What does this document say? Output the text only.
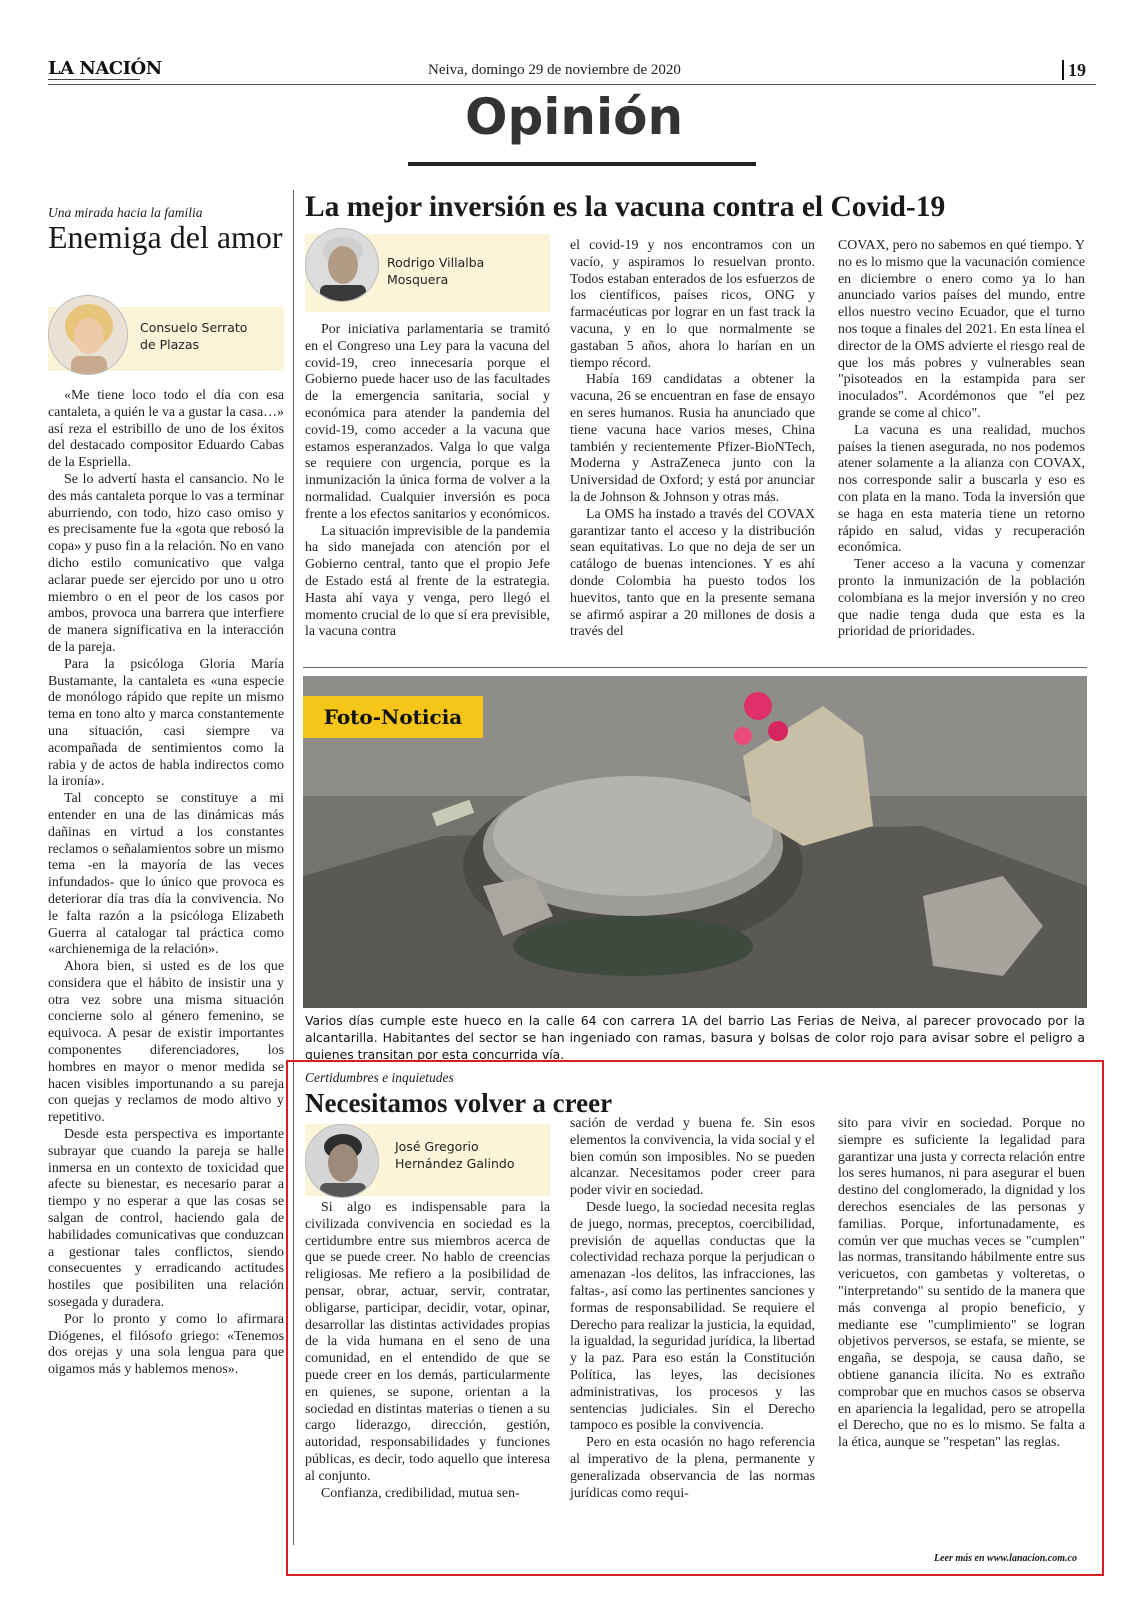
LA NACIÓN	Neiva, domingo 29 de noviembre de 2020	19
Opinión
Una mirada hacia la familia
Enemiga del amor
Consuelo Serrato
de Plazas

«Me tiene loco todo el día con esa cantaleta, a quién le va a gustar la casa…» así reza el estribillo de uno de los éxitos del destacado compositor Eduardo Cabas de la Espriella.

Se lo advertí hasta el cansancio. No le des más cantaleta porque lo vas a terminar aburriendo, con todo, hizo caso omiso y es precisamente fue la «gota que rebosó la copa» y puso fin a la relación. No en vano dicho estilo comunicativo que valga aclarar puede ser ejercido por uno u otro miembro o en el peor de los casos por ambos, provoca una barrera que interfiere de manera significativa en la interacción de la pareja.

Para la psicóloga Gloria María Bustamante, la cantaleta es «una especie de monólogo rápido que repite un mismo tema en tono alto y marca constantemente una situación, casi siempre va acompañada de sentimientos como la rabia y de actos de habla indirectos como la ironía».

Tal concepto se constituye a mi entender en una de las dinámicas más dañinas en virtud a los constantes reclamos o señalamientos sobre un mismo tema -en la mayoría de las veces infundados- que lo único que provoca es deteriorar día tras día la convivencia. No le falta razón a la psicóloga Elizabeth Guerra al catalogar tal práctica como «archienemiga de la relación».

Ahora bien, si usted es de los que considera que el hábito de insistir una y otra vez sobre una misma situación concierne solo al género femenino, se equivoca. A pesar de existir importantes componentes diferenciadores, los hombres en mayor o menor medida se hacen visibles importunando a su pareja con quejas y reclamos de modo altivo y repetitivo.

Desde esta perspectiva es importante subrayar que cuando la pareja se halle inmersa en un contexto de toxicidad que afecte su bienestar, es necesario parar a tiempo y no esperar a que las cosas se salgan de control, haciendo gala de habilidades comunicativas que conduzcan a gestionar tales conflictos, siendo consecuentes y erradicando actitudes hostiles que posibiliten una relación sosegada y duradera.

Por lo pronto y como lo afirmara Diógenes, el filósofo griego: «Tenemos dos orejas y una sola lengua para que oigamos más y hablemos menos».

La mejor inversión es la vacuna contra el Covid-19
Rodrigo Villalba
Mosquera

Por iniciativa parlamentaria se tramitó en el Congreso una Ley para la vacuna del covid-19, creo innecesaria porque el Gobierno puede hacer uso de las facultades de la emergencia sanitaria, social y económica para atender la pandemia del covid-19, como acceder a la vacuna que estamos esperanzados. Valga lo que valga se requiere con urgencia, porque es la inmunización la única forma de volver a la normalidad. Cualquier inversión es poca frente a los efectos sanitarios y económicos.

La situación imprevisible de la pandemia ha sido manejada con atención por el Gobierno central, tanto que el propio Jefe de Estado está al frente de la estrategia. Hasta ahí vaya y venga, pero llegó el momento crucial de lo que sí era previsible, la vacuna contra

el covid-19 y nos encontramos con un vacío, y aspiramos lo resuelvan pronto. Todos estaban enterados de los esfuerzos de los científicos, países ricos, ONG y farmacéuticas por lograr en un fast track la vacuna, y en lo que normalmente se gastaban 5 años, ahora lo harían en un tiempo récord.

Había 169 candidatas a obtener la vacuna, 26 se encuentran en fase de ensayo en seres humanos. Rusia ha anunciado que tiene vacuna hace varios meses, China también y recientemente Pfizer-BioNTech, Moderna y AstraZeneca junto con la Universidad de Oxford; y está por anunciar la de Johnson & Johnson y otras más.

La OMS ha instado a través del COVAX garantizar tanto el acceso y la distribución sean equitativas. Lo que no deja de ser un catálogo de buenas intenciones. Y es ahí donde Colombia ha puesto todos los huevitos, tanto que en la presente semana se afirmó aspirar a 20 millones de dosis a través del

COVAX, pero no sabemos en qué tiempo. Y no es lo mismo que la vacunación comience en diciembre o enero como ya lo han anunciado varios países del mundo, entre ellos nuestro vecino Ecuador, que el turno nos toque a finales del 2021. En esta línea el director de la OMS advierte el riesgo real de que los más pobres y vulnerables sean "pisoteados en la estampida para ser inoculados". Acordémonos que "el pez grande se come al chico".

La vacuna es una realidad, muchos países la tienen asegurada, no nos podemos atener solamente a la alianza con COVAX, nos corresponde salir a buscarla y eso es con plata en la mano. Toda la inversión que se haga en esta materia tiene un retorno rápido en salud, vidas y recuperación económica.

Tener acceso a la vacuna y comenzar pronto la inmunización de la población colombiana es la mejor inversión y no creo que nadie tenga duda que esta es la prioridad de prioridades.

Foto-Noticia
Varios días cumple este hueco en la calle 64 con carrera 1A del barrio Las Ferias de Neiva, al parecer provocado por la alcantarilla. Habitantes del sector se han ingeniado con ramas, basura y bolsas de color rojo para avisar sobre el peligro a quienes transitan por esta concurrida vía.
Certidumbres e inquietudes
Necesitamos volver a creer
José Gregorio
Hernández Galindo

Si algo es indispensable para la civilizada convivencia en sociedad es la certidumbre entre sus miembros acerca de que se puede creer. No hablo de creencias religiosas. Me refiero a la posibilidad de pensar, obrar, actuar, servir, contratar, obligarse, participar, decidir, votar, opinar, desarrollar las distintas actividades propias de la vida humana en el seno de una comunidad, en el entendido de que se puede creer en los demás, particularmente en quienes, se supone, orientan a la sociedad en distintas materias o tienen a su cargo liderazgo, dirección, gestión, autoridad, responsabilidades y funciones públicas, es decir, todo aquello que interesa al conjunto.

Confianza, credibilidad, mutua sen-

sación de verdad y buena fe. Sin esos elementos la convivencia, la vida social y el bien común son imposibles. No se pueden alcanzar. Necesitamos poder creer para poder vivir en sociedad.

Desde luego, la sociedad necesita reglas de juego, normas, preceptos, coercibilidad, previsión de aquellas conductas que la colectividad rechaza porque la perjudican o amenazan -los delitos, las infracciones, las faltas-, así como las pertinentes sanciones y formas de responsabilidad. Se requiere el Derecho para realizar la justicia, la equidad, la igualdad, la seguridad jurídica, la libertad y la paz. Para eso están la Constitución Política, las leyes, las decisiones administrativas, los procesos y las sentencias judiciales. Sin el Derecho tampoco es posible la convivencia.

Pero en esta ocasión no hago referencia al imperativo de la plena, permanente y generalizada observancia de las normas jurídicas como requi-

sito para vivir en sociedad. Porque no siempre es suficiente la legalidad para garantizar una justa y correcta relación entre los seres humanos, ni para asegurar el buen destino del conglomerado, la dignidad y los derechos esenciales de las personas y familias. Porque, infortunadamente, es común ver que muchas veces se "cumplen" las normas, transitando hábilmente entre sus vericuetos, con gambetas y volteretas, o "interpretando" su sentido de la manera que más convenga al propio beneficio, y mediante ese "cumplimiento" se logran objetivos perversos, se estafa, se miente, se engaña, se despoja, se causa daño, se obtiene ganancia ilícita. No es extraño comprobar que en muchos casos se observa en apariencia la legalidad, pero se atropella el Derecho, que no es lo mismo. Se falta a la ética, aunque se "respetan" las reglas.

Leer más en www.lanacion.com.co
